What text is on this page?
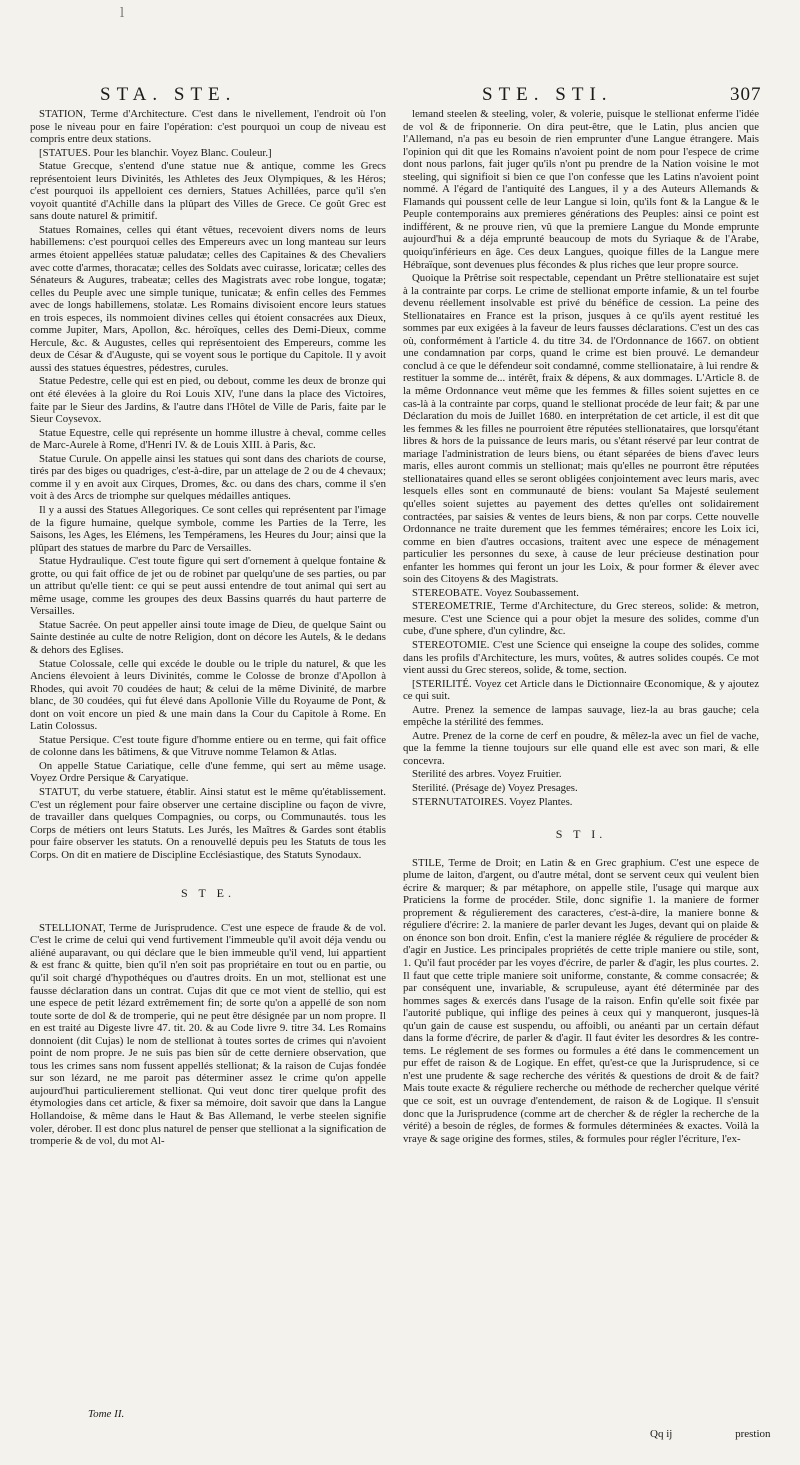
l
STA. STE.	STE. STI.	307

STATION, Terme d'Architecture. C'est dans le nivellement, l'endroit où l'on pose le niveau pour en faire l'opération: c'est pourquoi un coup de niveau est compris entre deux stations.

[STATUES. Pour les blanchir. Voyez Blanc. Couleur.]

Statue Grecque, s'entend d'une statue nue & antique, comme les Grecs représentoient leurs Divinités, les Athletes des Jeux Olympiques, & les Héros; c'est pourquoi ils appelloient ces derniers, Statues Achillées, parce qu'il s'en voyoit quantité d'Achille dans la plûpart des Villes de Grece. Ce goût Grec est sans doute naturel & primitif.

Statues Romaines, celles qui étant vêtues, recevoient divers noms de leurs habillemens: c'est pourquoi celles des Empereurs avec un long manteau sur leurs armes étoient appellées statuæ paludatæ; celles des Capitaines & des Chevaliers avec cotte d'armes, thoracatæ; celles des Soldats avec cuirasse, loricatæ; celles des Sénateurs & Augures, trabeatæ; celles des Magistrats avec robe longue, togatæ; celles du Peuple avec une simple tunique, tunicatæ; & enfin celles des Femmes avec de longs habillemens, stolatæ. Les Romains divisoient encore leurs statues en trois especes, ils nommoient divines celles qui étoient consacrées aux Dieux, comme Jupiter, Mars, Apollon, &c. héroïques, celles des Demi-Dieux, comme Hercule, &c. & Augustes, celles qui représentoient des Empereurs, comme les deux de César & d'Auguste, qui se voyent sous le portique du Capitole. Il y avoit aussi des statues équestres, pédestres, curules.

Statue Pedestre, celle qui est en pied, ou debout, comme les deux de bronze qui ont été élevées à la gloire du Roi Louis XIV, l'une dans la place des Victoires, faite par le Sieur des Jardins, & l'autre dans l'Hôtel de Ville de Paris, faite par le Sieur Coysevox.

Statue Equestre, celle qui représente un homme illustre à cheval, comme celles de Marc-Aurele à Rome, d'Henri IV. & de Louis XIII. à Paris, &c.

Statue Curule. On appelle ainsi les statues qui sont dans des chariots de course, tirés par des biges ou quadriges, c'est-à-dire, par un attelage de 2 ou de 4 chevaux; comme il y en avoit aux Cirques, Dromes, &c. ou dans des chars, comme il s'en voit à des Arcs de triomphe sur quelques médailles antiques.

Il y a aussi des Statues Allegoriques. Ce sont celles qui représentent par l'image de la figure humaine, quelque symbole, comme les Parties de la Terre, les Saisons, les Ages, les Elémens, les Tempéramens, les Heures du Jour; ainsi que la plûpart des statues de marbre du Parc de Versailles.

Statue Hydraulique. C'est toute figure qui sert d'ornement à quelque fontaine & grotte, ou qui fait office de jet ou de robinet par quelqu'une de ses parties, ou par un attribut qu'elle tient: ce qui se peut aussi entendre de tout animal qui sert au même usage, comme les groupes des deux Bassins quarrés du haut parterre de Versailles.

Statue Sacrée. On peut appeller ainsi toute image de Dieu, de quelque Saint ou Sainte destinée au culte de notre Religion, dont on décore les Autels, & le dedans & dehors des Eglises.

Statue Colossale, celle qui excéde le double ou le triple du naturel, & que les Anciens élevoient à leurs Divinités, comme le Colosse de bronze d'Apollon à Rhodes, qui avoit 70 coudées de haut; & celui de la même Divinité, de marbre blanc, de 30 coudées, qui fut élevé dans Apollonie Ville du Royaume de Pont, & dont on voit encore un pied & une main dans la Cour du Capitole à Rome. En Latin Colossus.

Statue Persique. C'est toute figure d'homme entiere ou en terme, qui fait office de colonne dans les bâtimens, & que Vitruve nomme Telamon & Atlas.

On appelle Statue Cariatique, celle d'une femme, qui sert au même usage. Voyez Ordre Persique & Caryatique.

STATUT, du verbe statuere, établir. Ainsi statut est le même qu'établissement. C'est un réglement pour faire observer une certaine discipline ou façon de vivre, de travailler dans quelques Compagnies, ou corps, ou Communautés. tous les Corps de métiers ont leurs Statuts. Les Jurés, les Maîtres & Gardes sont établis pour faire observer les statuts. On a renouvellé depuis peu les Statuts de tous les Corps. On dit en matiere de Discipline Ecclésiastique, des Statuts Synodaux.

S T E.

STELLIONAT, Terme de Jurisprudence. C'est une espece de fraude & de vol. C'est le crime de celui qui vend furtivement l'immeuble qu'il avoit déja vendu ou aliéné auparavant, ou qui déclare que le bien immeuble qu'il vend, lui appartient & est franc & quitte, bien qu'il n'en soit pas propriétaire en tout ou en partie, ou qu'il soit chargé d'hypothéques ou d'autres droits. En un mot, stellionat est une fausse déclaration dans un contrat. Cujas dit que ce mot vient de stellio, qui est une espece de petit lézard extrêmement fin; de sorte qu'on a appellé de son nom toute sorte de dol & de tromperie, qui ne peut être désignée par un nom propre. Il en est traité au Digeste livre 47. tit. 20. & au Code livre 9. titre 34. Les Romains donnoient (dit Cujas) le nom de stellionat à toutes sortes de crimes qui n'avoient point de nom propre. Je ne suis pas bien sûr de cette derniere observation, que tous les crimes sans nom fussent appellés stellionat; & la raison de Cujas fondée sur son lézard, ne me paroit pas déterminer assez le crime qu'on appelle aujourd'hui particulierement stellionat. Qui veut donc tirer quelque profit des étymologies dans cet article, & fixer sa mémoire, doit savoir que dans la Langue Hollandoise, & même dans le Haut & Bas Allemand, le verbe steelen signifie voler, dérober. Il est donc plus naturel de penser que stellionat a la signification de tromperie & de vol, du mot Al-

lemand steelen & steeling, voler, & volerie, puisque le stellionat enferme l'idée de vol & de friponnerie. On dira peut-être, que le Latin, plus ancien que l'Allemand, n'a pas eu besoin de rien emprunter d'une Langue étrangere. Mais l'opinion qui dit que les Romains n'avoient point de nom pour l'espece de crime dont nous parlons, fait juger qu'ils n'ont pu prendre de la Nation voisine le mot steeling, qui signifioit si bien ce que l'on confesse que les Latins n'avoient point nommé. A l'égard de l'antiquité des Langues, il y a des Auteurs Allemands & Flamands qui poussent celle de leur Langue si loin, qu'ils font & la Langue & le Peuple contemporains aux premieres générations des Peuples: ainsi ce point est indifférent, & ne prouve rien, vû que la premiere Langue du Monde emprunte aujourd'hui & a déja emprunté beaucoup de mots du Syriaque & de l'Arabe, quoiqu'inférieurs en âge. Ces deux Langues, quoique filles de la Langue mere Hébraïque, sont devenues plus fécondes & plus riches que leur propre source.

Quoique la Prêtrise soit respectable, cependant un Prêtre stellionataire est sujet à la contrainte par corps. Le crime de stellionat emporte infamie, & un tel fourbe devenu réellement insolvable est privé du bénéfice de cession. La peine des Stellionataires en France est la prison, jusques à ce qu'ils ayent restitué les sommes par eux exigées à la faveur de leurs fausses déclarations. C'est un des cas où, conformément à l'article 4. du titre 34. de l'Ordonnance de 1667. on obtient une condamnation par corps, quand le crime est bien prouvé. Le demandeur conclud à ce que le défendeur soit condamné, comme stellionataire, à lui rendre & restituer la somme de... intérêt, fraix & dépens, & aux dommages. L'Article 8. de la même Ordonnance veut même que les femmes & filles soient sujettes en ce cas-là à la contrainte par corps, quand le stellionat procéde de leur fait; & par une Déclaration du mois de Juillet 1680. en interprétation de cet article, il est dit que les femmes & les filles ne pourroient être réputées stellionataires, que lorsqu'étant libres & hors de la puissance de leurs maris, ou s'étant réservé par leur contrat de mariage l'administration de leurs biens, ou étant séparées de biens d'avec leurs maris, elles auront commis un stellionat; mais qu'elles ne pourront être réputées stellionataires quand elles se seront obligées conjointement avec leurs maris, avec lesquels elles sont en communauté de biens: voulant Sa Majesté seulement qu'elles soient sujettes au payement des dettes qu'elles ont solidairement contractées, par saisies & ventes de leurs biens, & non par corps. Cette nouvelle Ordonnance ne traite durement que les femmes téméraires; encore les Loix ici, comme en bien d'autres occasions, traitent avec une espece de ménagement particulier les personnes du sexe, à cause de leur précieuse destination pour enfanter les hommes qui feront un jour les Loix, & pour former & élever avec soin des Citoyens & des Magistrats.

STEREOBATE. Voyez Soubassement.

STEREOMETRIE, Terme d'Architecture, du Grec stereos, solide: & metron, mesure. C'est une Science qui a pour objet la mesure des solides, comme d'un cube, d'une sphere, d'un cylindre, &c.

STEREOTOMIE. C'est une Science qui enseigne la coupe des solides, comme dans les profils d'Architecture, les murs, voûtes, & autres solides coupés. Ce mot vient aussi du Grec stereos, solide, & tome, section.

[STERILITÉ. Voyez cet Article dans le Dictionnaire Œconomique, & y ajoutez ce qui suit.

Autre. Prenez la semence de lampas sauvage, liez-la au bras gauche; cela empêche la stérilité des femmes.

Autre. Prenez de la corne de cerf en poudre, & mêlez-la avec un fiel de vache, que la femme la tienne toujours sur elle quand elle est avec son mari, & elle concevra.

Sterilité des arbres. Voyez Fruitier.

Sterilité. (Présage de) Voyez Presages.

STERNUTATOIRES. Voyez Plantes.

S T I.

STILE, Terme de Droit; en Latin & en Grec graphium. C'est une espece de plume de laiton, d'argent, ou d'autre métal, dont se servent ceux qui veulent bien écrire & marquer; & par métaphore, on appelle stile, l'usage qui marque aux Praticiens la forme de procéder. Stile, donc signifie 1. la maniere de former proprement & régulierement des caracteres, c'est-à-dire, la maniere bonne & réguliere d'écrire: 2. la maniere de parler devant les Juges, devant qui on plaide & on énonce son bon droit. Enfin, c'est la maniere réglée & réguliere de procéder & d'agir en Justice. Les principales propriétés de cette triple maniere ou stile, sont, 1. Qu'il faut procéder par les voyes d'écrire, de parler & d'agir, les plus courtes. 2. Il faut que cette triple maniere soit uniforme, constante, & comme consacrée; & par conséquent une, invariable, & scrupuleuse, ayant été déterminée par des hommes sages & exercés dans l'usage de la raison. Enfin qu'elle soit fixée par l'autorité publique, qui inflige des peines à ceux qui y manqueront, jusques-là qu'un gain de cause est suspendu, ou affoibli, ou anéanti par un certain défaut dans la forme d'écrire, de parler & d'agir. Il faut éviter les desordres & les contre-tems. Le réglement de ses formes ou formules a été dans le commencement un pur effet de raison & de Logique. En effet, qu'est-ce que la Jurisprudence, si ce n'est une prudente & sage recherche des vérités & questions de droit & de fait? Mais toute exacte & réguliere recherche ou méthode de rechercher quelque vérité que ce soit, est un ouvrage d'entendement, de raison & de Logique. Il s'ensuit donc que la Jurisprudence (comme art de chercher & de régler la recherche de la vérité) a besoin de régles, de formes & formules déterminées & exactes. Voilà la vraye & sage origine des formes, stiles, & formules pour régler l'écriture, l'ex-

Tome II.
Qq ij	prestion
